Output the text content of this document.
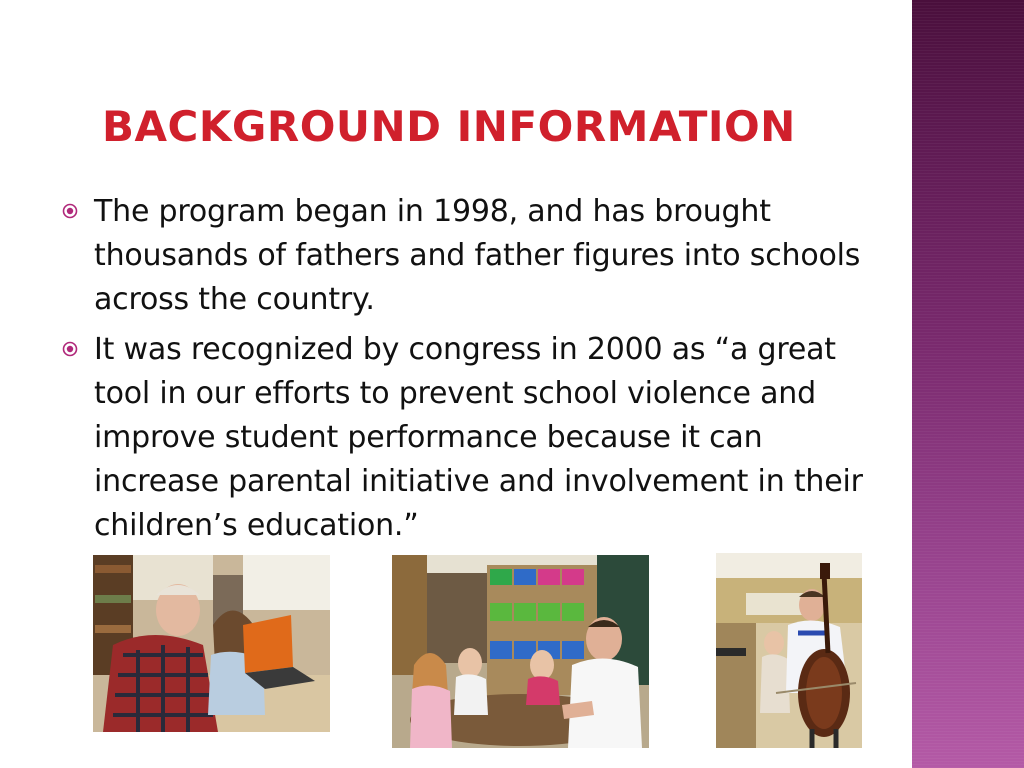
BACKGROUND INFORMATION
The program began in 1998, and has brought thousands of fathers and father figures into schools across the country.
It was recognized by congress in 2000 as “a great tool in our efforts to prevent school violence and improve student performance because it can increase parental initiative and involvement in their children’s education.”
